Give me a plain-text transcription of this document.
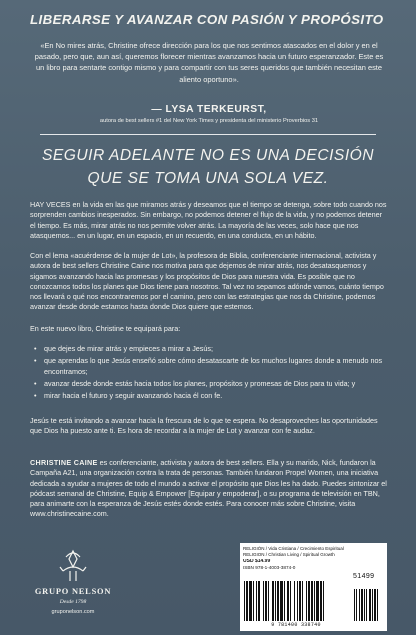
LIBERARSE Y AVANZAR CON PASIÓN Y PROPÓSITO
«En No mires atrás, Christine ofrece dirección para los que nos sentimos atascados en el dolor y en el pasado, pero que, aun así, queremos florecer mientras avanzamos hacia un futuro esperanzador. Este es un libro para sentarte contigo mismo y para compartir con tus seres queridos que también necesitan este aliento oportuno».
— LYSA TERKEURST,
autora de best sellers #1 del New York Times y presidenta del ministerio Proverbios 31
SEGUIR ADELANTE NO ES UNA DECISIÓN QUE SE TOMA UNA SOLA VEZ.
HAY VECES en la vida en las que miramos atrás y deseamos que el tiempo se detenga, sobre todo cuando nos sorprenden cambios inesperados. Sin embargo, no podemos detener el flujo de la vida, y no podemos detener el tiempo. Es más, mirar atrás no nos permite volver atrás. La mayoría de las veces, solo hace que nos atasquemos... en un lugar, en un espacio, en un recuerdo, en una conducta, en un hábito.
Con el lema «acuérdense de la mujer de Lot», la profesora de Biblia, conferenciante internacional, activista y autora de best sellers Christine Caine nos motiva para que dejemos de mirar atrás, nos desatasquemos y sigamos avanzando hacia las promesas y los propósitos de Dios para nuestra vida. Es posible que no conozcamos todos los planes que Dios tiene para nosotros. Tal vez no sepamos adónde vamos, cuánto tiempo nos llevará o qué nos encontraremos por el camino, pero con las estrategias que nos da Christine, podemos avanzar desde donde estamos hasta donde Dios quiere que estemos.
En este nuevo libro, Christine te equipará para:
• que dejes de mirar atrás y empieces a mirar a Jesús;
• que aprendas lo que Jesús enseñó sobre cómo desatascarte de los muchos lugares donde a menudo nos encontramos;
• avanzar desde donde estás hacia todos los planes, propósitos y promesas de Dios para tu vida; y
• mirar hacia el futuro y seguir avanzando hacia él con fe.
Jesús te está invitando a avanzar hacia la frescura de lo que te espera. No desaproveches las oportunidades que Dios ha puesto ante ti. Es hora de recordar a la mujer de Lot y avanzar con fe audaz.
CHRISTINE CAINE es conferenciante, activista y autora de best sellers. Ella y su marido, Nick, fundaron la Campaña A21, una organización contra la trata de personas. También fundaron Propel Women, una iniciativa dedicada a ayudar a mujeres de todo el mundo a activar el propósito que Dios les ha dado. Puedes sintonizar el pódcast semanal de Christine, Equip & Empower [Equipar y empoderar], o su programa de televisión en TBN, para animarte con la esperanza de Jesús estés donde estés. Para conocer más sobre Christine, visita www.christinecaine.com.
GRUPO NELSON
Desde 1798
gruponelson.com
RELIGIÓN / Vida Cristiana / Crecimiento Espiritual
RELIGION / Christian Living / Spiritual Growth
USD $14.99
ISBN 978-1-4003-3874-0
51499
9 781400 338740
